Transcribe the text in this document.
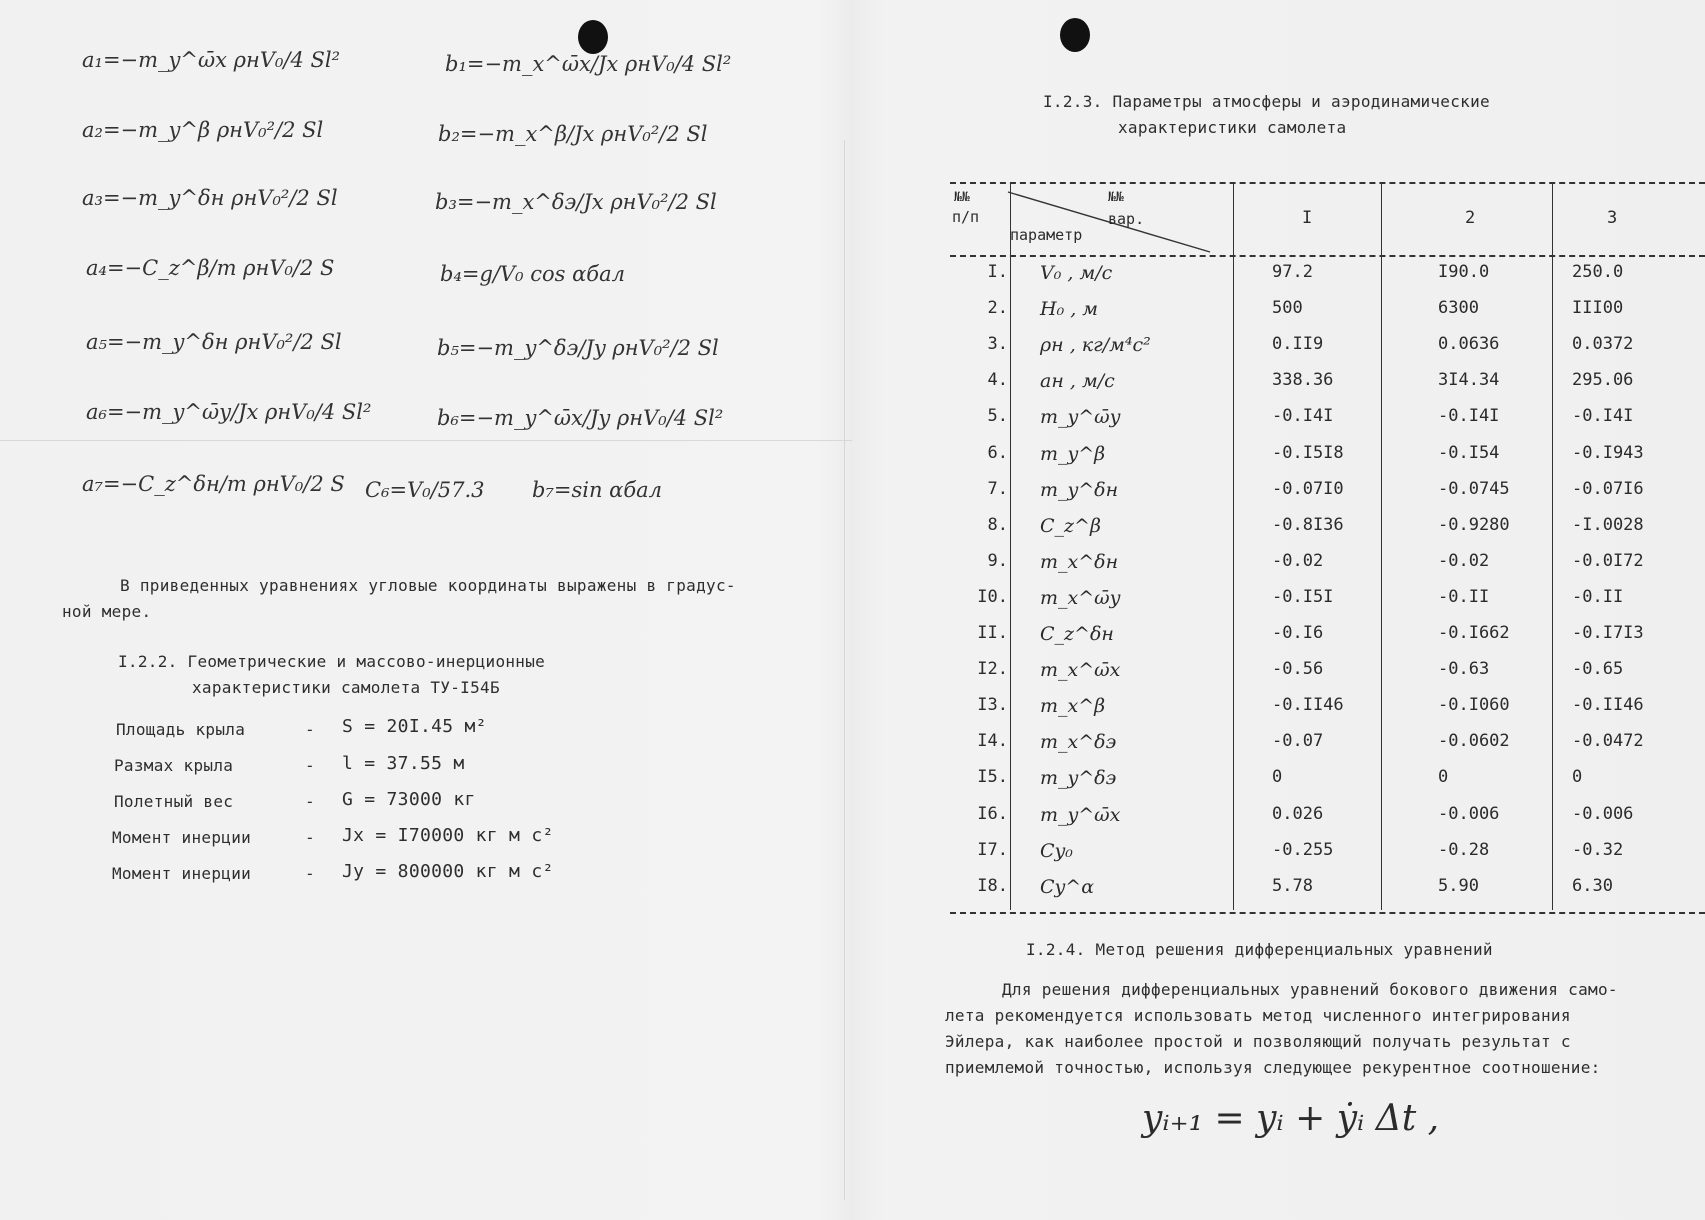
a₁=−m_y^ω̄x ρнV₀/4 Sl²
a₂=−m_y^β ρнV₀²/2 Sl
a₃=−m_y^δн ρнV₀²/2 Sl
a₄=−C_z^β/m ρнV₀/2 S
a₅=−m_y^δн ρнV₀²/2 Sl
a₆=−m_y^ω̄y/Jx ρнV₀/4 Sl²
a₇=−C_z^δн/m ρнV₀/2 S
b₁=−m_x^ω̄x/Jx ρнV₀/4 Sl²
b₂=−m_x^β/Jx ρнV₀²/2 Sl
b₃=−m_x^δэ/Jx ρнV₀²/2 Sl
b₄=g/V₀ cos αбал
b₅=−m_y^δэ/Jy ρнV₀²/2 Sl
b₆=−m_y^ω̄x/Jy ρнV₀/4 Sl²
b₇=sin αбал
C₆=V₀/57.3
В приведенных уравнениях угловые координаты выражены в градус-
ной мере.
I.2.2. Геометрические и массово-инерционные
характеристики самолета ТУ-I54Б
Площадь крыла	- S = 20I.45 м²
Размах крыла	- l = 37.55 м
Полетный вес	- G = 73000 кг
Момент инерции	- Jx = I70000 кг м с²
Момент инерции	- Jy = 800000 кг м с²
I.2.3. Параметры атмосферы и аэродинамические
характеристики самолета
№№
п/п
№№
вар.
параметр
I	2	3
I. V₀ , м/с	97.2	I90.0	250.0
2. H₀ , м	500	6300	III00
3. ρн , кг/м⁴с²	0.II9	0.0636	0.0372
4. aн , м/с	338.36	3I4.34	295.06
5. m_y^ω̄y	-0.I4I	-0.I4I	-0.I4I
6. m_y^β	-0.I5I8	-0.I54	-0.I943
7. m_y^δн	-0.07I0	-0.0745	-0.07I6
8. C_z^β	-0.8I36	-0.9280	-I.0028
9. m_x^δн	-0.02	-0.02	-0.0I72
I0. m_x^ω̄y	-0.I5I	-0.II	-0.II
II. C_z^δн	-0.I6	-0.I662	-0.I7I3
I2. m_x^ω̄x	-0.56	-0.63	-0.65
I3. m_x^β	-0.II46	-0.I060	-0.II46
I4. m_x^δэ	-0.07	-0.0602	-0.0472
I5. m_y^δэ	0	0	0
I6. m_y^ω̄x	0.026	-0.006	-0.006
I7. Cy₀	-0.255	-0.28	-0.32
I8. Cy^α	5.78	5.90	6.30
I.2.4. Метод решения дифференциальных уравнений
Для решения дифференциальных уравнений бокового движения само-
лета рекомендуется использовать метод численного интегрирования
Эйлера, как наиболее простой и позволяющий получать результат с
приемлемой точностью, используя следующее рекурентное соотношение:
yᵢ₊₁ = yᵢ + ẏᵢ Δt ,
